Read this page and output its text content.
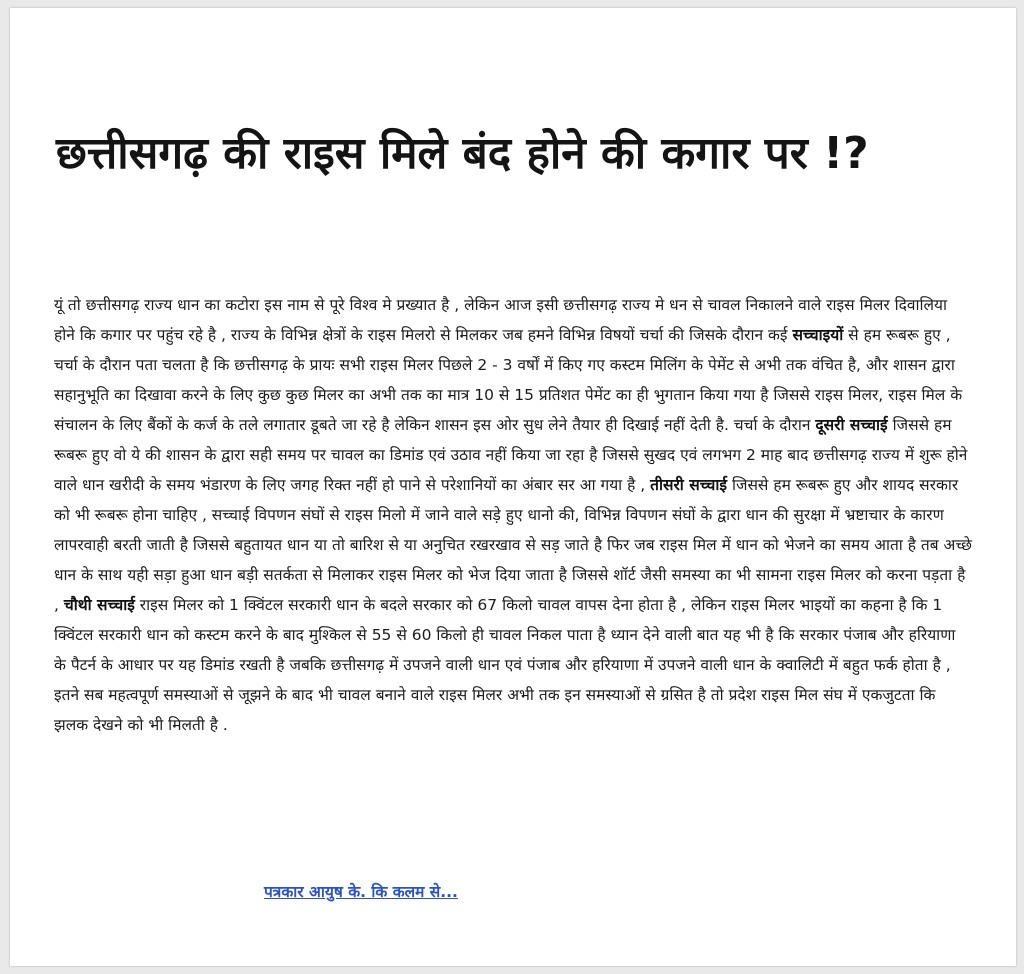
छत्तीसगढ़ की राइस मिले बंद होने की कगार पर !?

यूं तो छत्तीसगढ़ राज्य धान का कटोरा इस नाम से पूरे विश्व मे प्रख्यात है , लेकिन आज इसी छत्तीसगढ़ राज्य मे धन से चावल निकालने वाले राइस मिलर दिवालिया होने कि कगार पर पहुंच रहे है , राज्य के विभिन्न क्षेत्रों के राइस मिलरो से मिलकर जब हमने विभिन्न विषयों चर्चा की जिसके दौरान कई सच्चाइयों से हम रूबरू हुए , चर्चा के दौरान पता चलता है कि छत्तीसगढ़ के प्रायः सभी राइस मिलर पिछले 2 - 3 वर्षों में किए गए कस्टम मिलिंग के पेमेंट से अभी तक वंचित है, और शासन द्वारा सहानुभूति का दिखावा करने के लिए कुछ कुछ मिलर का अभी तक का मात्र 10 से 15 प्रतिशत पेमेंट का ही भुगतान किया गया है जिससे राइस मिलर, राइस मिल के संचालन के लिए बैंकों के कर्ज के तले लगातार डूबते जा रहे है लेकिन शासन इस ओर सुध लेने तैयार ही दिखाई नहीं देती है. चर्चा के दौरान दूसरी सच्चाई जिससे हम रूबरू हुए वो ये की शासन के द्वारा सही समय पर चावल का डिमांड एवं उठाव नहीं किया जा रहा है जिससे सुखद एवं लगभग 2 माह बाद छत्तीसगढ़ राज्य में शुरू होने वाले धान खरीदी के समय भंडारण के लिए जगह रिक्त नहीं हो पाने से परेशानियों का अंबार सर आ गया है , तीसरी सच्चाई जिससे हम रूबरू हुए और शायद सरकार को भी रूबरू होना चाहिए , सच्चाई विपणन संघों से राइस मिलो में जाने वाले सड़े हुए धानो की, विभिन्न विपणन संघों के द्वारा धान की सुरक्षा में भ्रष्टाचार के कारण लापरवाही बरती जाती है जिससे बहुतायत धान या तो बारिश से या अनुचित रखरखाव से सड़ जाते है फिर जब राइस मिल में धान को भेजने का समय आता है तब अच्छे धान के साथ यही सड़ा हुआ धान बड़ी सतर्कता से मिलाकर राइस मिलर को भेज दिया जाता है जिससे शॉर्ट जैसी समस्या का भी सामना राइस मिलर को करना पड़ता है , चौथी सच्चाई राइस मिलर को 1 क्विंटल सरकारी धान के बदले सरकार को 67 किलो चावल वापस देना होता है , लेकिन राइस मिलर भाइयों का कहना है कि 1 क्विंटल सरकारी धान को कस्टम करने के बाद मुश्किल से 55 से 60 किलो ही चावल निकल पाता है ध्यान देने वाली बात यह भी है कि सरकार पंजाब और हरियाणा के पैटर्न के आधार पर यह डिमांड रखती है जबकि छत्तीसगढ़ में उपजने वाली धान एवं पंजाब और हरियाणा में उपजने वाली धान के क्वालिटी में बहुत फर्क होता है , इतने सब महत्वपूर्ण समस्याओं से जूझने के बाद भी चावल बनाने वाले राइस मिलर अभी तक इन समस्याओं से ग्रसित है तो प्रदेश राइस मिल संघ में एकजुटता कि झलक देखने को भी मिलती है .

पत्रकार आयुष के. कि कलम से...
